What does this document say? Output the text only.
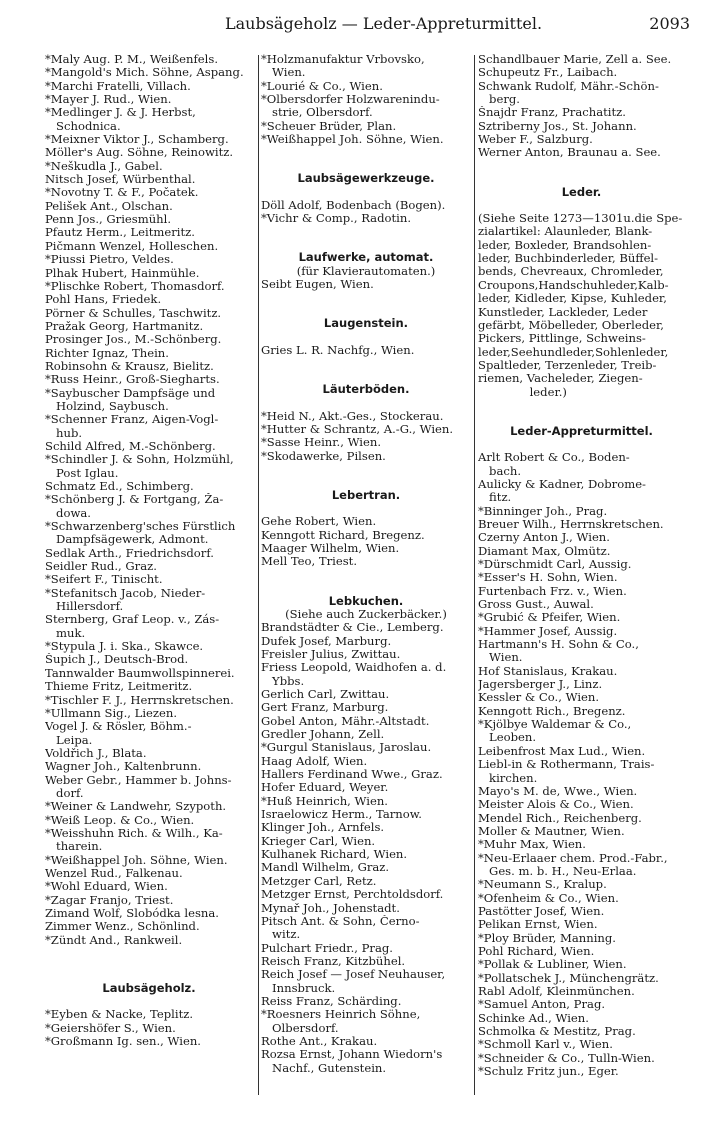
Laubsägeholz — Leder-Appreturmittel.	2093
*Maly Aug. P. M., Weißenfels.
*Mangold's Mich. Söhne, Aspang.
*Marchi Fratelli, Villach.
*Mayer J. Rud., Wien.
*Medlinger J. & J. Herbst,
Schodnica.
*Meixner Viktor J., Schamberg.
Möller's Aug. Söhne, Reinowitz.
*Neškudla J., Gabel.
Nitsch Josef, Würbenthal.
*Novotny T. & F., Počatek.
Pelišek Ant., Olschan.
Penn Jos., Griesmühl.
Pfautz Herm., Leitmeritz.
Pičmann Wenzel, Holleschen.
*Piussi Pietro, Veldes.
Plhak Hubert, Hainmühle.
*Plischke Robert, Thomasdorf.
Pohl Hans, Friedek.
Pörner & Schulles, Taschwitz.
Pražak Georg, Hartmanitz.
Prosinger Jos., M.-Schönberg.
Richter Ignaz, Thein.
Robinsohn & Krausz, Bielitz.
*Russ Heinr., Groß-Siegharts.
*Saybuscher Dampfsäge und
Holzind, Saybusch.
*Schenner Franz, Aigen-Vogl-
hub.
Schild Alfred, M.-Schönberg.
*Schindler J. & Sohn, Holzmühl,
Post Iglau.
Schmatz Ed., Schimberg.
*Schönberg J. & Fortgang, Ža-
dowa.
*Schwarzenberg'sches Fürstlich
Dampfsägewerk, Admont.
Sedlak Arth., Friedrichsdorf.
Seidler Rud., Graz.
*Seifert F., Tinischt.
*Stefanitsch Jacob, Nieder-
Hillersdorf.
Sternberg, Graf Leop. v., Zás-
muk.
*Stypula J. i. Ska., Skawce.
Šupich J., Deutsch-Brod.
Tannwalder Baumwollspinnerei.
Thieme Fritz, Leitmeritz.
*Tischler F. J., Herrnskretschen.
*Ullmann Sig., Liezen.
Vogel J. & Rösler, Böhm.-
Leipa.
Voldřich J., Blata.
Wagner Joh., Kaltenbrunn.
Weber Gebr., Hammer b. Johns-
dorf.
*Weiner & Landwehr, Szypoth.
*Weiß Leop. & Co., Wien.
*Weisshuhn Rich. & Wilh., Ka-
tharein.
*Weißhappel Joh. Söhne, Wien.
Wenzel Rud., Falkenau.
*Wohl Eduard, Wien.
*Zagar Franjo, Triest.
Zimand Wolf, Slobódka lesna.
Zimmer Wenz., Schönlind.
*Zündt And., Rankweil.
Laubsägeholz.
*Eyben & Nacke, Teplitz.
*Geiershöfer S., Wien.
*Großmann Ig. sen., Wien.
*Holzmanufaktur Vrbovsko,
Wien.
*Lourié & Co., Wien.
*Olbersdorfer Holzwarenindu-
strie, Olbersdorf.
*Scheuer Brüder, Plan.
*Weißhappel Joh. Söhne, Wien.
Laubsägewerkzeuge.
Döll Adolf, Bodenbach (Bogen).
*Vichr & Comp., Radotin.
Laufwerke, automat.
(für Klavierautomaten.)
Seibt Eugen, Wien.
Laugenstein.
Gries L. R. Nachfg., Wien.
Läuterböden.
*Heid N., Akt.-Ges., Stockerau.
*Hutter & Schrantz, A.-G., Wien.
*Sasse Heinr., Wien.
*Skodawerke, Pilsen.
Lebertran.
Gehe Robert, Wien.
Kenngott Richard, Bregenz.
Maager Wilhelm, Wien.
Mell Teo, Triest.
Lebkuchen.
(Siehe auch Zuckerbäcker.)
Brandstädter & Cie., Lemberg.
Dufek Josef, Marburg.
Freisler Julius, Zwittau.
Friess Leopold, Waidhofen a. d.
Ybbs.
Gerlich Carl, Zwittau.
Gert Franz, Marburg.
Gobel Anton, Mähr.-Altstadt.
Gredler Johann, Zell.
*Gurgul Stanislaus, Jaroslau.
Haag Adolf, Wien.
Hallers Ferdinand Wwe., Graz.
Hofer Eduard, Weyer.
*Huß Heinrich, Wien.
Israelowicz Herm., Tarnow.
Klinger Joh., Arnfels.
Krieger Carl, Wien.
Kulhanek Richard, Wien.
Mandl Wilhelm, Graz.
Metzger Carl, Retz.
Metzger Ernst, Perchtoldsdorf.
Mynař Joh., Johenstadt.
Pitsch Ant. & Sohn, Černo-
witz.
Pulchart Friedr., Prag.
Reisch Franz, Kitzbühel.
Reich Josef — Josef Neuhauser,
Innsbruck.
Reiss Franz, Schärding.
*Roesners Heinrich Söhne,
Olbersdorf.
Rothe Ant., Krakau.
Rozsa Ernst, Johann Wiedorn's
Nachf., Gutenstein.
Schandlbauer Marie, Zell a. See.
Schupeutz Fr., Laibach.
Schwank Rudolf, Mähr.-Schön-
berg.
Šnajdr Franz, Prachatitz.
Sztriberny Jos., St. Johann.
Weber F., Salzburg.
Werner Anton, Braunau a. See.
Leder.
(Siehe Seite 1273—1301u.die Spe-
zialartikel: Alaunleder, Blank-
leder, Boxleder, Brandsohlen-
leder, Buchbinderleder, Büffel-
bends, Chevreaux, Chromleder,
Croupons,Handschuhleder,Kalb-
leder, Kidleder, Kipse, Kuhleder,
Kunstleder, Lackleder, Leder
gefärbt, Möbelleder, Oberleder,
Pickers, Pittlinge, Schweins-
leder,Seehundleder,Sohlenleder,
Spaltleder, Terzenleder, Treib-
riemen, Vacheleder, Ziegen-
leder.)
Leder-Appreturmittel.
Arlt Robert & Co., Boden-
bach.
Aulicky & Kadner, Dobrome-
fitz.
*Binninger Joh., Prag.
Breuer Wilh., Herrnskretschen.
Czerny Anton J., Wien.
Diamant Max, Olmütz.
*Dürschmidt Carl, Aussig.
*Esser's H. Sohn, Wien.
Furtenbach Frz. v., Wien.
Gross Gust., Auwal.
*Grubić & Pfeifer, Wien.
*Hammer Josef, Aussig.
Hartmann's H. Sohn & Co.,
Wien.
Hof Stanislaus, Krakau.
Jagersberger J., Linz.
Kessler & Co., Wien.
Kenngott Rich., Bregenz.
*Kjölbye Waldemar & Co.,
Leoben.
Leibenfrost Max Lud., Wien.
Liebl-in & Rothermann, Trais-
kirchen.
Mayo's M. de, Wwe., Wien.
Meister Alois & Co., Wien.
Mendel Rich., Reichenberg.
Moller & Mautner, Wien.
*Muhr Max, Wien.
*Neu-Erlaaer chem. Prod.-Fabr.,
Ges. m. b. H., Neu-Erlaa.
*Neumann S., Kralup.
*Ofenheim & Co., Wien.
Pastötter Josef, Wien.
Pelikan Ernst, Wien.
*Ploy Brüder, Manning.
Pohl Richard, Wien.
*Pollak & Lubliner, Wien.
*Pollatschek J., Münchengrätz.
Rabl Adolf, Kleinmünchen.
*Samuel Anton, Prag.
Schinke Ad., Wien.
Schmolka & Mestitz, Prag.
*Schmoll Karl v., Wien.
*Schneider & Co., Tulln-Wien.
*Schulz Fritz jun., Eger.
